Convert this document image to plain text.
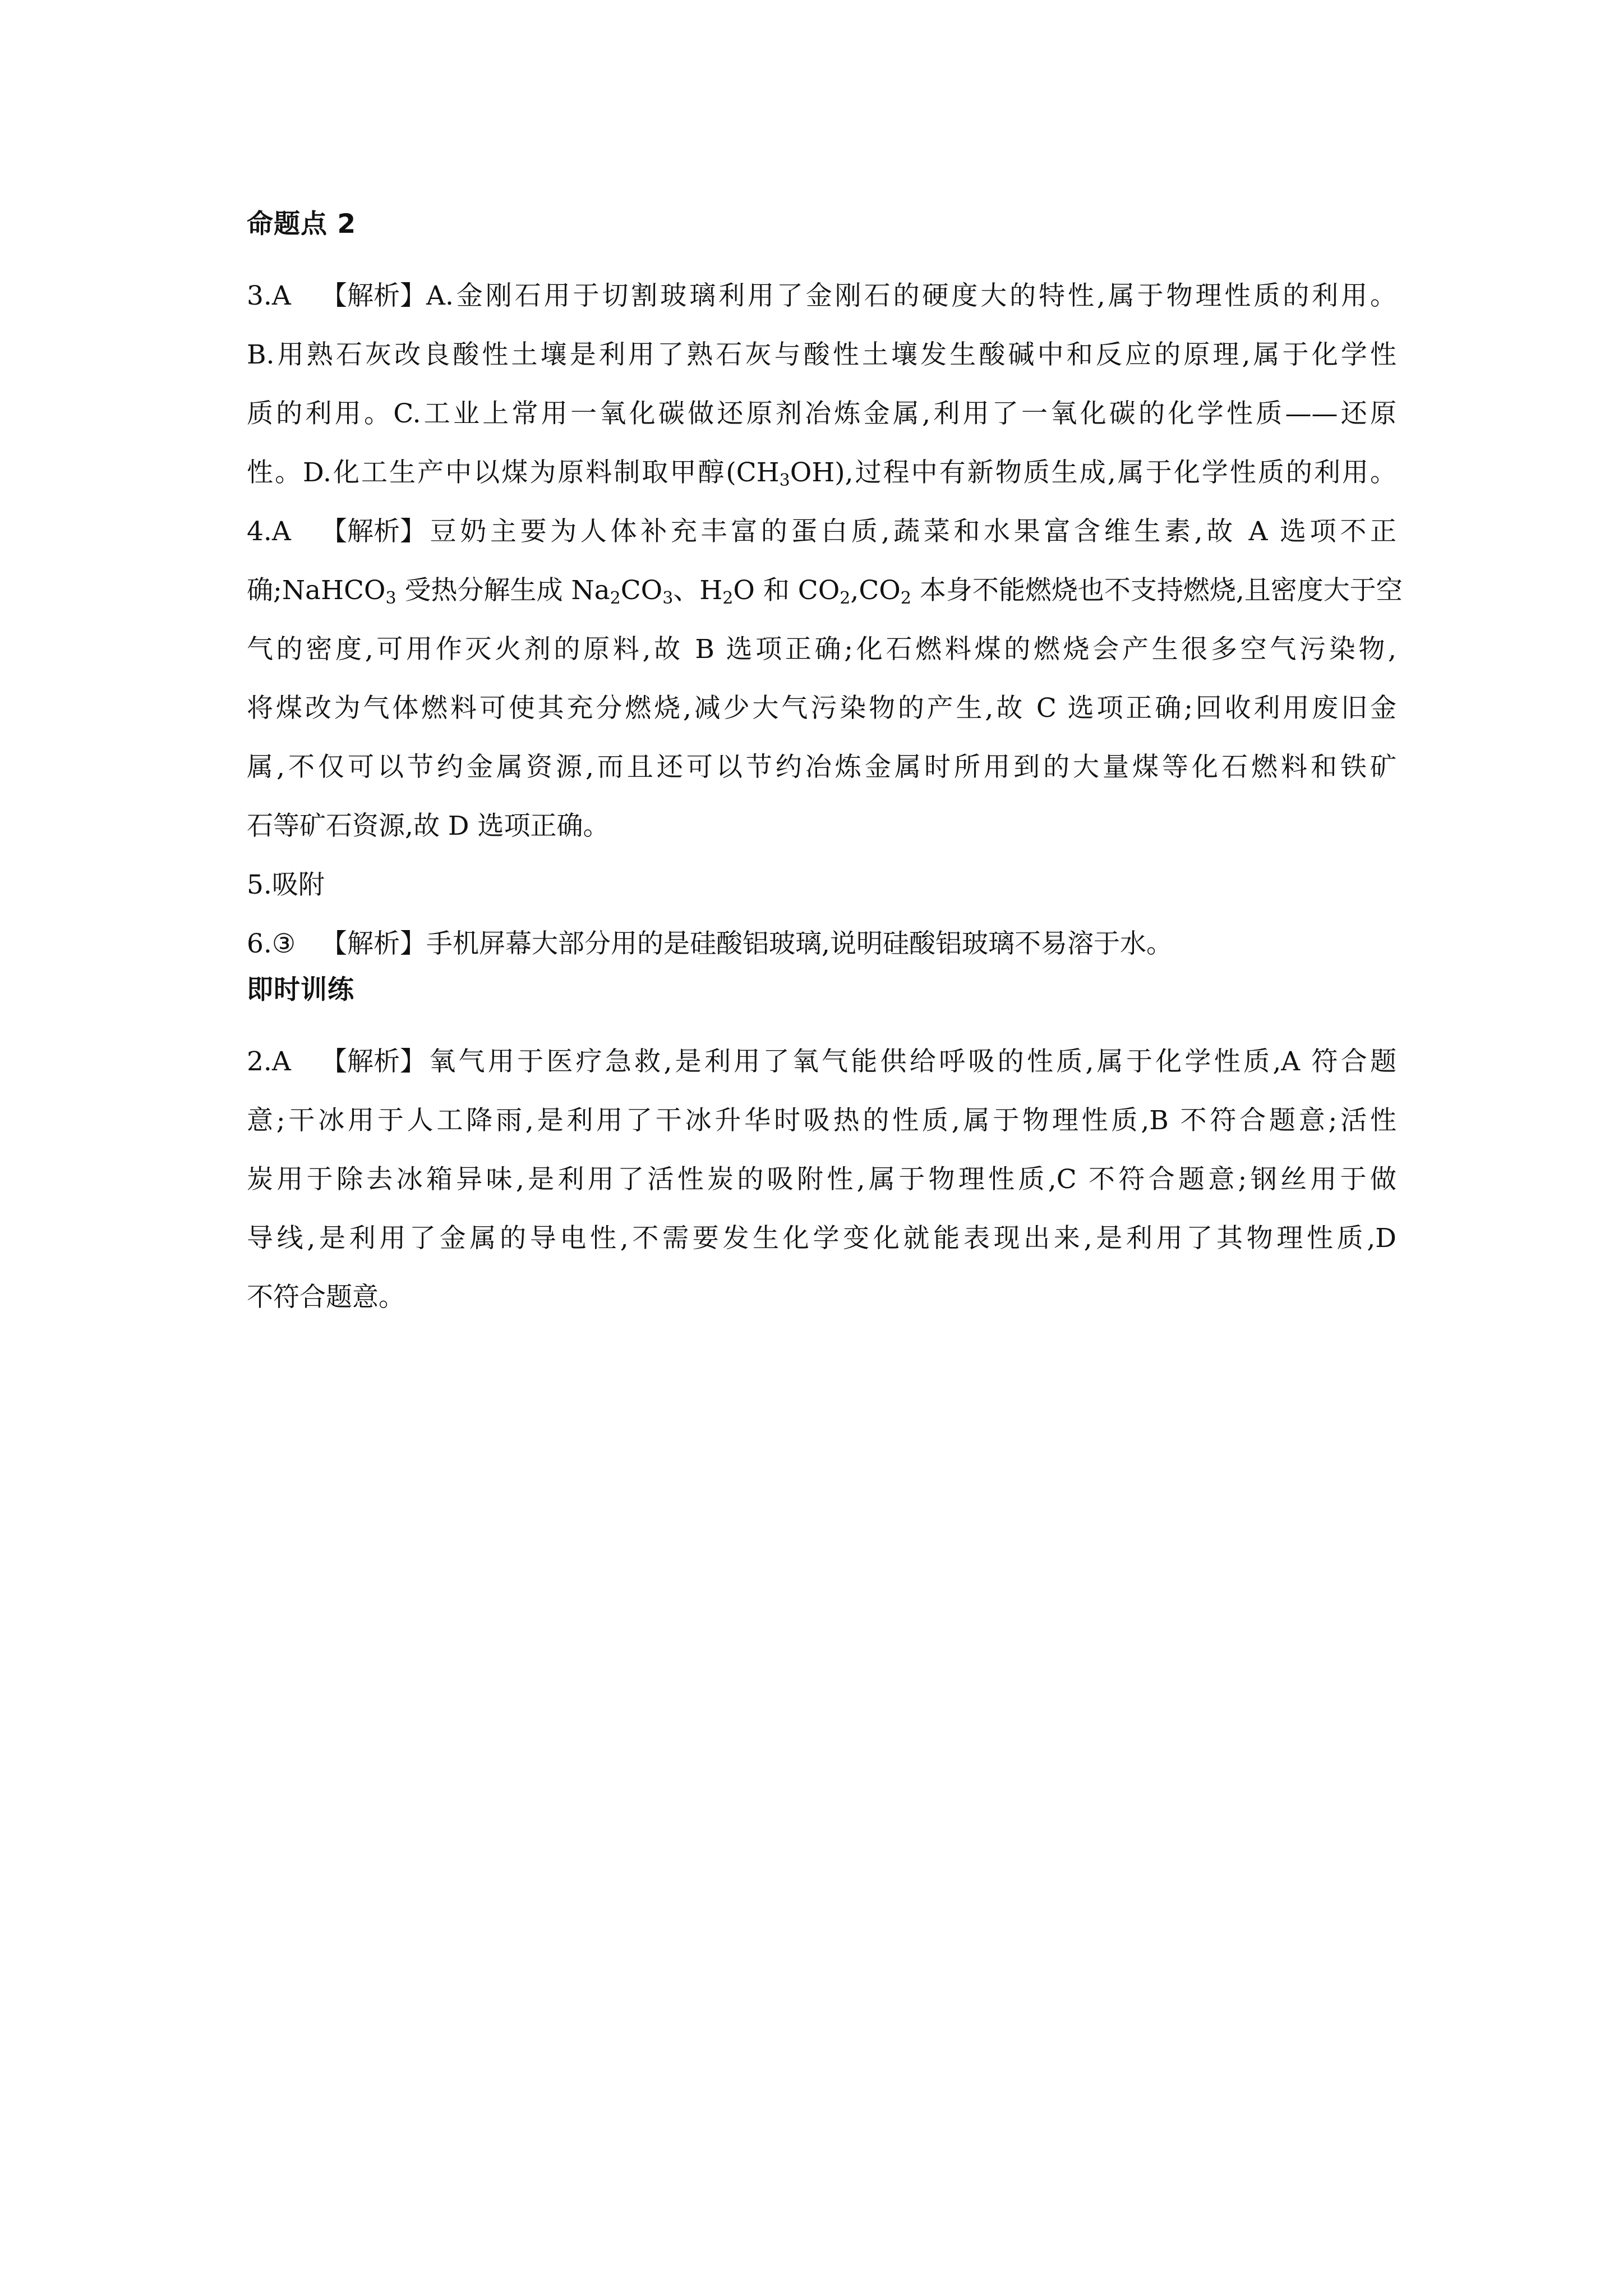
命题点 2
3.A 【解析】A.金刚石用于切割玻璃利用了金刚石的硬度大的特性,属于物理性质的利用。
B.用熟石灰改良酸性土壤是利用了熟石灰与酸性土壤发生酸碱中和反应的原理,属于化学性
质的利用。C.工业上常用一氧化碳做还原剂冶炼金属,利用了一氧化碳的化学性质——还原
性。D.化工生产中以煤为原料制取甲醇$(CH_3OH)$,过程中有新物质生成,属于化学性质的利用。
4.A 【解析】豆奶主要为人体补充丰富的蛋白质,蔬菜和水果富含维生素,故 A 选项不正
确;NaHCO$_3$ 受热分解生成 $Na_2CO_3$、$H_2O$ 和 $CO_2,CO_2$ 本身不能燃烧也不支持燃烧,且密度大于空
气的密度,可用作灭火剂的原料,故 B 选项正确;化石燃料煤的燃烧会产生很多空气污染物,
将煤改为气体燃料可使其充分燃烧,减少大气污染物的产生,故 C 选项正确;回收利用废旧金
属,不仅可以节约金属资源,而且还可以节约冶炼金属时所用到的大量煤等化石燃料和铁矿
石等矿石资源,故 D 选项正确。
5.吸附
6.③ 【解析】手机屏幕大部分用的是硅酸铝玻璃,说明硅酸铝玻璃不易溶于水。
即时训练
2.A 【解析】氧气用于医疗急救,是利用了氧气能供给呼吸的性质,属于化学性质,A 符合题
意;干冰用于人工降雨,是利用了干冰升华时吸热的性质,属于物理性质,B 不符合题意;活性
炭用于除去冰箱异味,是利用了活性炭的吸附性,属于物理性质,C 不符合题意;钢丝用于做
导线,是利用了金属的导电性,不需要发生化学变化就能表现出来,是利用了其物理性质,D
不符合题意。
